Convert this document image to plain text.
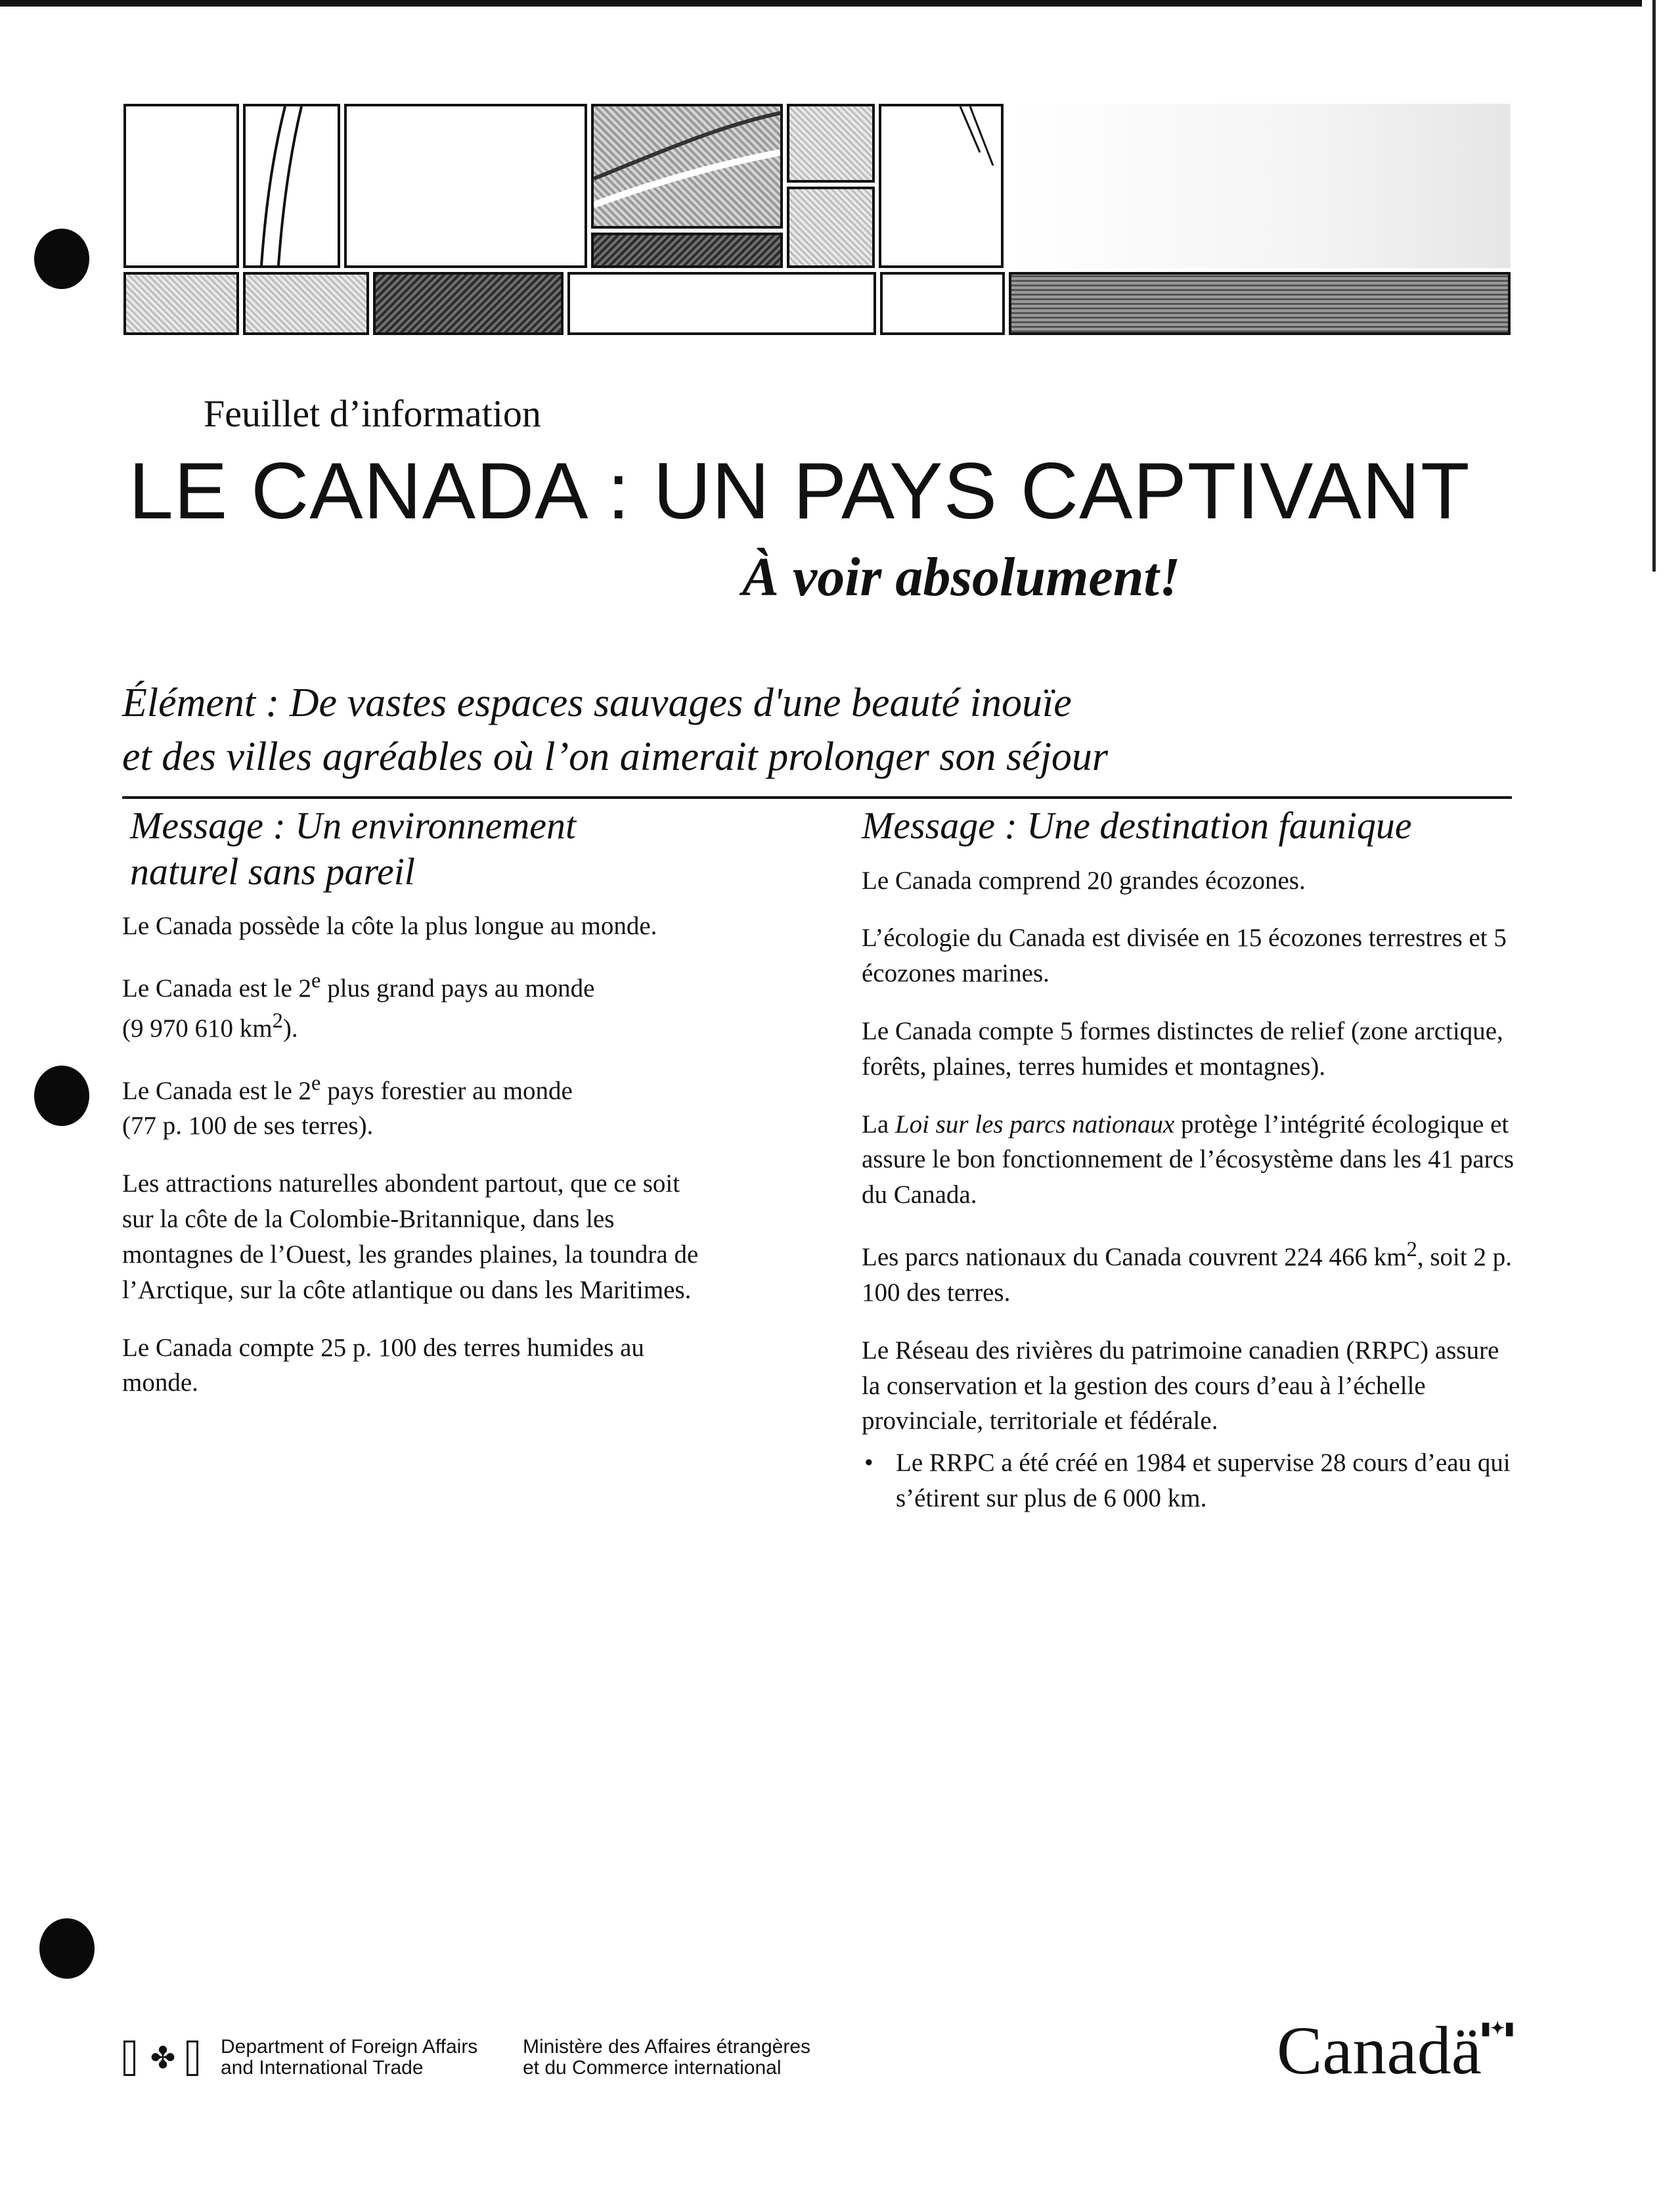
Feuillet d’information
LE CANADA : UN PAYS CAPTIVANT
À voir absolument!
Élément : De vastes espaces sauvages d'une beauté inouïe
et des villes agréables où l’on aimerait prolonger son séjour
Message : Un environnement
naturel sans pareil

Le Canada possède la côte la plus longue au monde.

Le Canada est le 2e plus grand pays au monde
(9 970 610 $km^2$).

Le Canada est le 2e pays forestier au monde
(77 p. 100 de ses terres).

Les attractions naturelles abondent partout, que ce soit sur la côte de la Colombie-Britannique, dans les montagnes de l’Ouest, les grandes plaines, la toundra de l’Arctique, sur la côte atlantique ou dans les Maritimes.

Le Canada compte 25 p. 100 des terres humides au monde.

Message : Une destination faunique

Le Canada comprend 20 grandes écozones.

L’écologie du Canada est divisée en 15 écozones terrestres et 5 écozones marines.

Le Canada compte 5 formes distinctes de relief (zone arctique, forêts, plaines, terres humides et montagnes).

La Loi sur les parcs nationaux protège l’intégrité écologique et assure le bon fonctionnement de l’écosystème dans les 41 parcs du Canada.

Les parcs nationaux du Canada couvrent 224 466 $km^2$, soit 2 p. 100 des terres.

Le Réseau des rivières du patrimoine canadien (RRPC) assure la conservation et la gestion des cours d’eau à l’échelle provinciale, territoriale et fédérale.

• Le RRPC a été créé en 1984 et supervise 28 cours d’eau qui s’étirent sur plus de 6 000 km.
✤ Department of Foreign Affairs
and International Trade
Ministère des Affaires étrangères
et du Commerce international	Canadä ▮✦▮
